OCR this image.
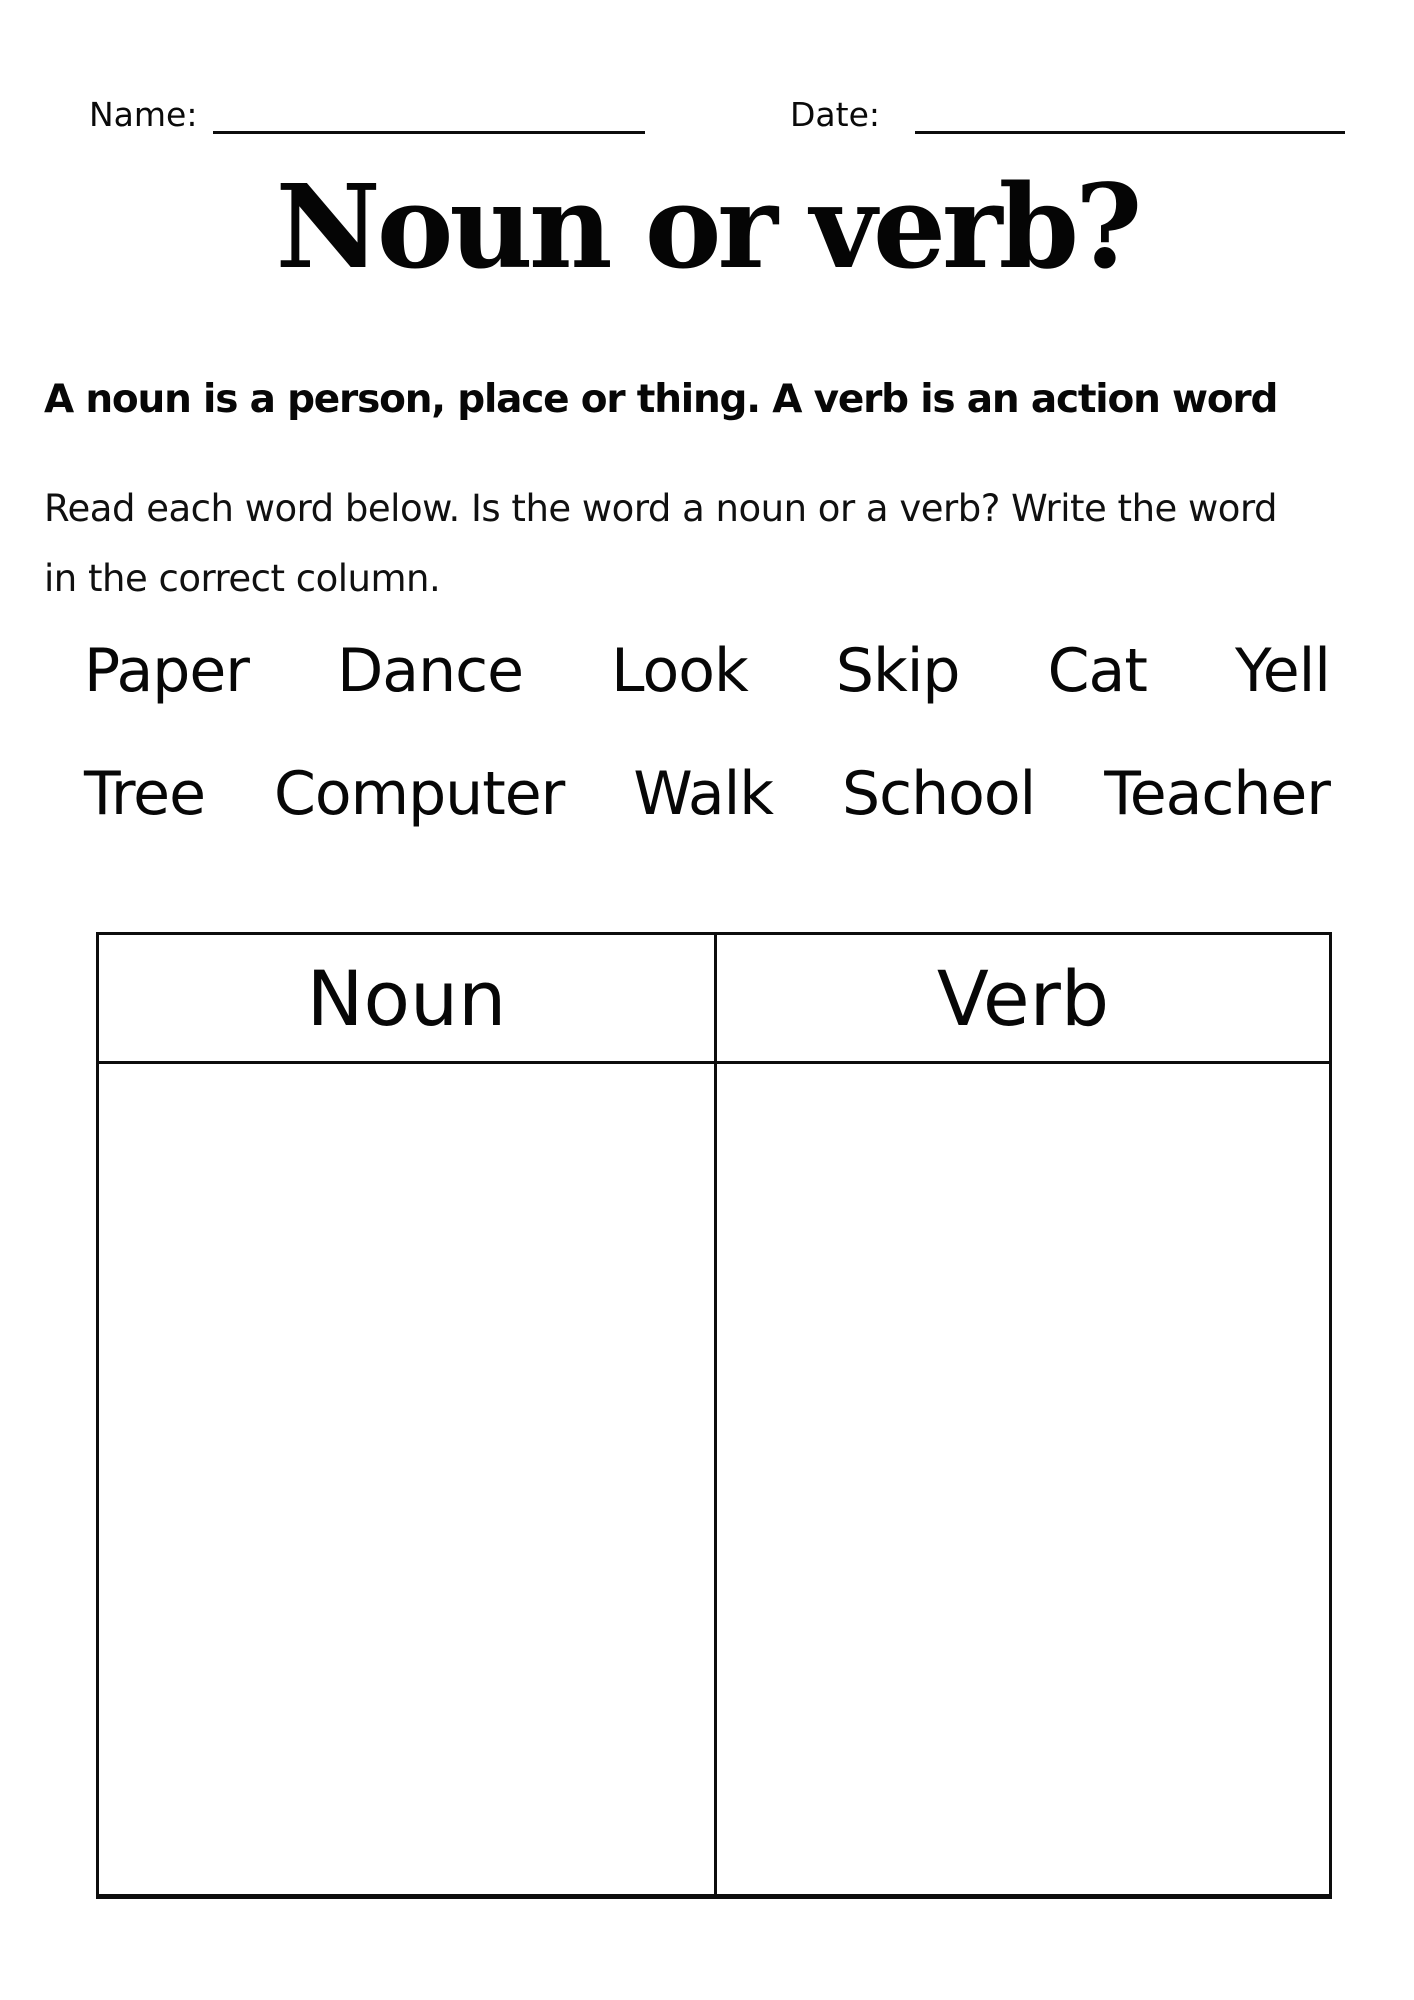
Name:	Date:
Noun or verb?
A noun is a person, place or thing. A verb is an action word
Read each word below. Is the word a noun or a verb? Write the word
in the correct column.
Paper Dance Look Skip Cat Yell
Tree Computer Walk School Teacher
Noun	Verb
